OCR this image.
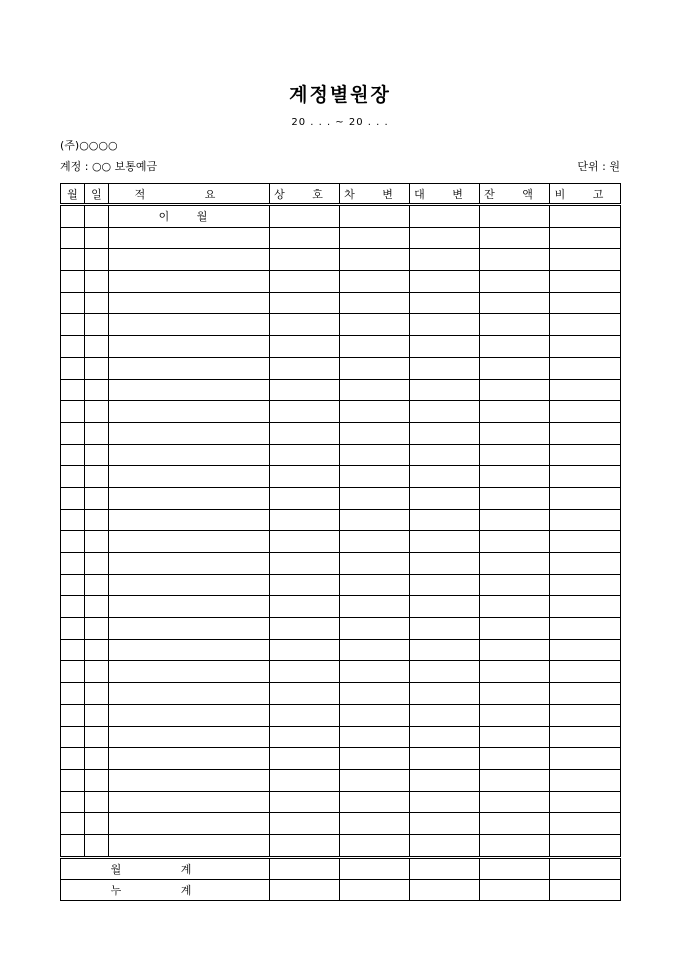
계정별원장
20 . . . ~ 20 . . .
(주)○○○○
계정 : ○○ 보통예금	단위 : 원
월	일	적 요	상 호	차 변	대 변	잔 액	비 고
		이 월					

월 계							
누 계							
